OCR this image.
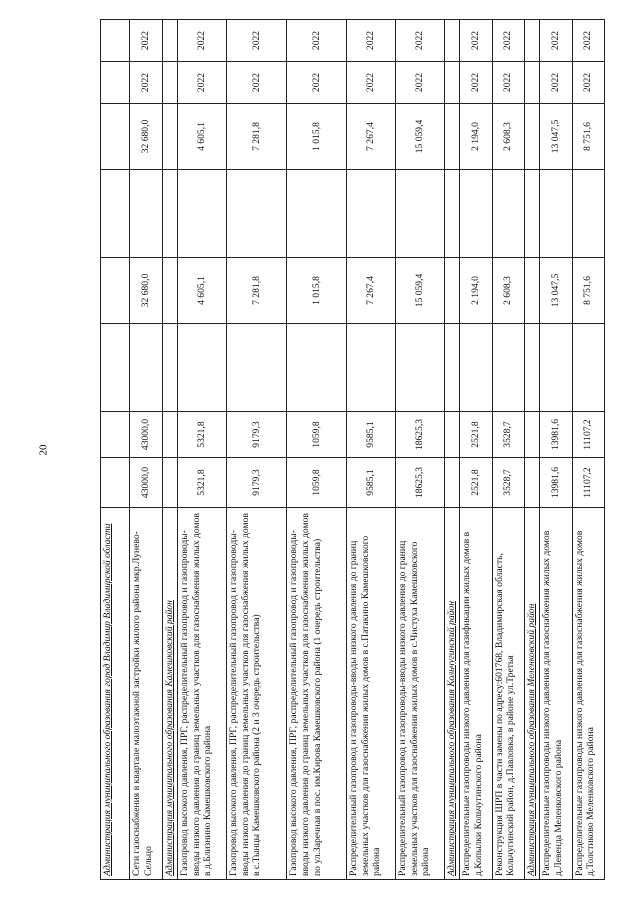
20
Администрация муниципального образования город Владимир Владимирской области								
Сети газоснабжения в квартале малоэтажной застройки жилого района мкр.Лунево-Сельцо	43000,0	43000,0		32 680,0		32 680,0	2022	2022
Администрация муниципального образования Камешковский район								
Газопровод высокого давления, ПРГ, распределительный газопровод и газопроводы-вводы низкого давления до границ земельных участков для газоснабжения жилых домов в д.Близнино Камешковского района	5321,8	5321,8		4 605,1		4 605,1	2022	2022
Газопровод высокого давления, ПРГ, распределительный газопровод и газопроводы-вводы низкого давления до границ земельных участков для газоснабжения жилых домов в с.Тынцы Камешковского района (2 и 3 очередь строительства)	9179,3	9179,3		7 281,8		7 281,8	2022	2022
Газопровод высокого давления, ПРГ, распределительный газопровод и газопроводы-вводы низкого давления до границ земельных участков для газоснабжения жилых домов по ул.Заречная в пос. им.Кирова Камешковского района (1 очередь строительства)	1059,8	1059,8		1 015,8		1 015,8	2022	2022
Распределительный газопровод и газопроводы-вводы низкого давления до границ земельных участков для газоснабжения жилых домов в с.Патакино Камешковского района	9585,1	9585,1		7 267,4		7 267,4	2022	2022
Распределительный газопровод и газопроводы-вводы низкого давления до границ земельных участков для газоснабжения жилых домов в с.Чистуха Камешковского района	18625,3	18625,3		15 059,4		15 059,4	2022	2022
Администрация муниципального образования Кольчугинский район								
Распределительные газопроводы низкого давления для газификации жилых домов в д.Копылки Кольчугинского района	2521,8	2521,8		2 194,0		2 194,0	2022	2022
Реконструкция ШРП в части замены по адресу:601768, Владимирская область, Кольчугинский район, д.Павловка, в районе ул.Третья	3528,7	3528,7		2 608,3		2 608,3	2022	2022
Администрация муниципального образования Меленковский район								
Распределительные газопроводы низкого давления для газоснабжения жилых домов д.Левенда Меленковского района	13981,6	13981,6		13 047,5		13 047,5	2022	2022
Распределительные газопроводы низкого давления для газоснабжения жилых домов д.Толстиково Меленковского района	11107,2	11107,2		8 751,6		8 751,6	2022	2022
